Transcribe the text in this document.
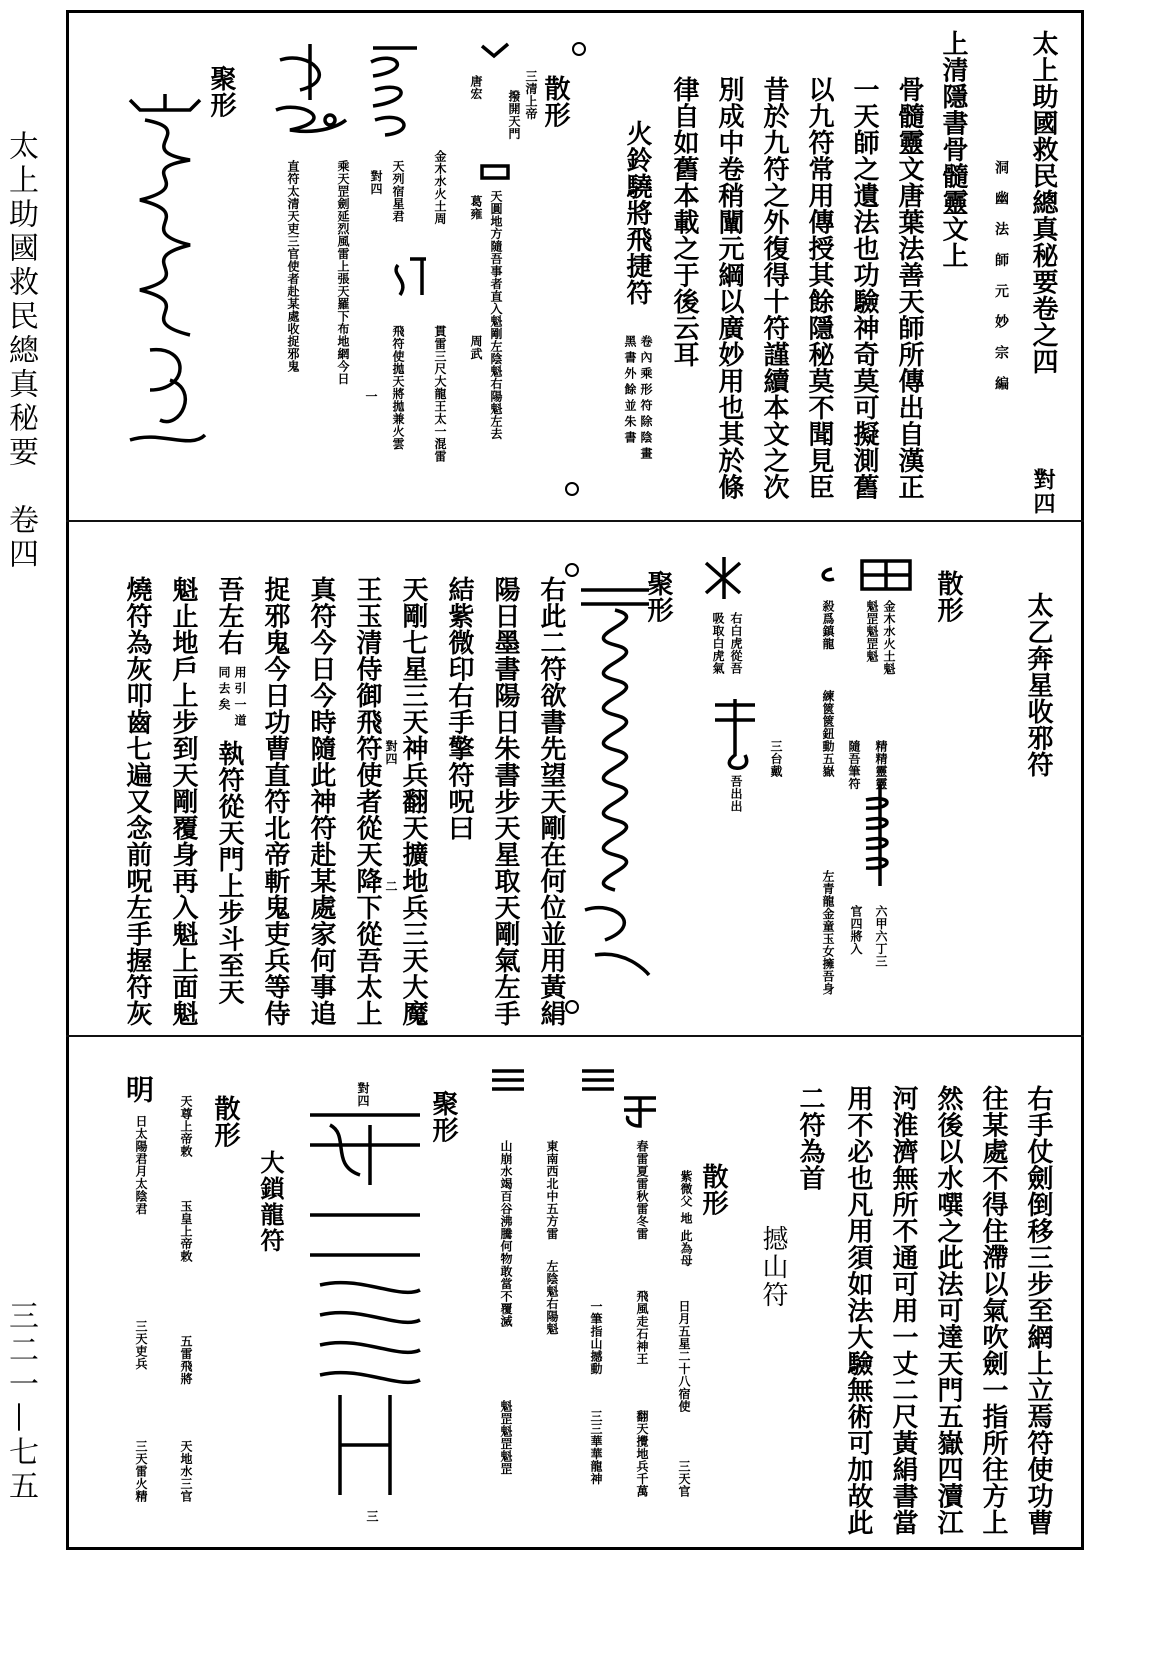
太上助國救民總真秘要　卷四
三二一—七五
太上助國救民總真秘要卷之四
對四
洞 幽 法 師 元 妙 宗 編
上清隱書骨髓靈文上
骨髓靈文唐葉法善天師所傳出自漢正
一天師之遺法也功驗神奇莫可擬測舊
以九符常用傳授其餘隱秘莫不聞見臣
昔於九符之外復得十符謹續本文之次
別成中卷稍闡元綱以廣妙用也其於條
律自如舊本載之于後云耳
火鈴驍將飛捷符
卷內乘形符除陰畫
黑書外餘並朱書
散形
三清上帝
撥開天門
天圓地方隨吾事者直入魁剛左陰魁右陽魁左去
唐宏
葛雍
周武
金木水火土周
貫雷三尺大龍王太一混雷
天列宿星君
飛符使拋天將拋兼火雲
對四
一
乘天罡劍延烈風雷上張天羅下布地網今日
直符太清天吏三官使者赴某處收捉邪鬼
聚形
太乙奔星收邪符
散形
金木水火土魁
魁罡魁罡魁
精精靈靈
隨吾筆符
殺爲鎮龍
練篋篋鈕動五嶽
六甲六丁三
官四將入
左青龍金童玉女擁吾身
右白虎從吾
吸取白虎氣
三台戴
吾出出
聚形
對四
二	右此二符欲書先望天剛在何位並用黃絹
陽日墨書陽日朱書步天星取天剛氣左手
結紫微印右手擎符呪曰
天剛七星三天神兵翻天擴地兵三天大魔
王玉清侍御飛符使者從天降下從吾太上
真符今日今時隨此神符赴某處家何事追
捉邪鬼今日功曹直符北帝斬鬼吏兵等侍
吾左右
用引一道
同去矣
執符從天門上步斗至天
魁止地戶上步到天剛覆身再入魁上面魁
燒符為灰叩齒七遍又念前呪左手握符灰
右手仗劍倒移三步至網上立焉符使功曹
往某處不得住滯以氣吹劍一指所往方上
然後以水噀之此法可達天門五嶽四瀆江
河淮濟無所不通可用一丈二尺黃絹書當
用不必也凡用須如法大驗無術可加故此
二符為首
撼山符
散形
紫微父 地 此為母
日月五星二十八宿使
三天官
春雷夏雷秋雷冬雷
飛風走石神王
翻天攪地兵千萬
一筆指山撼動
三三華華龍神
東南西北中五方雷
左陰魁右陽魁
山崩水竭百谷沸騰何物敢當不覆滅
魁罡魁罡魁罡
聚形
對四
三
大鎖龍符
散形
天尊上帝敕
玉皇上帝敕
五雷飛將
天地水三官
明
日太陽君月太陰君
三天吏兵
三天雷火精
